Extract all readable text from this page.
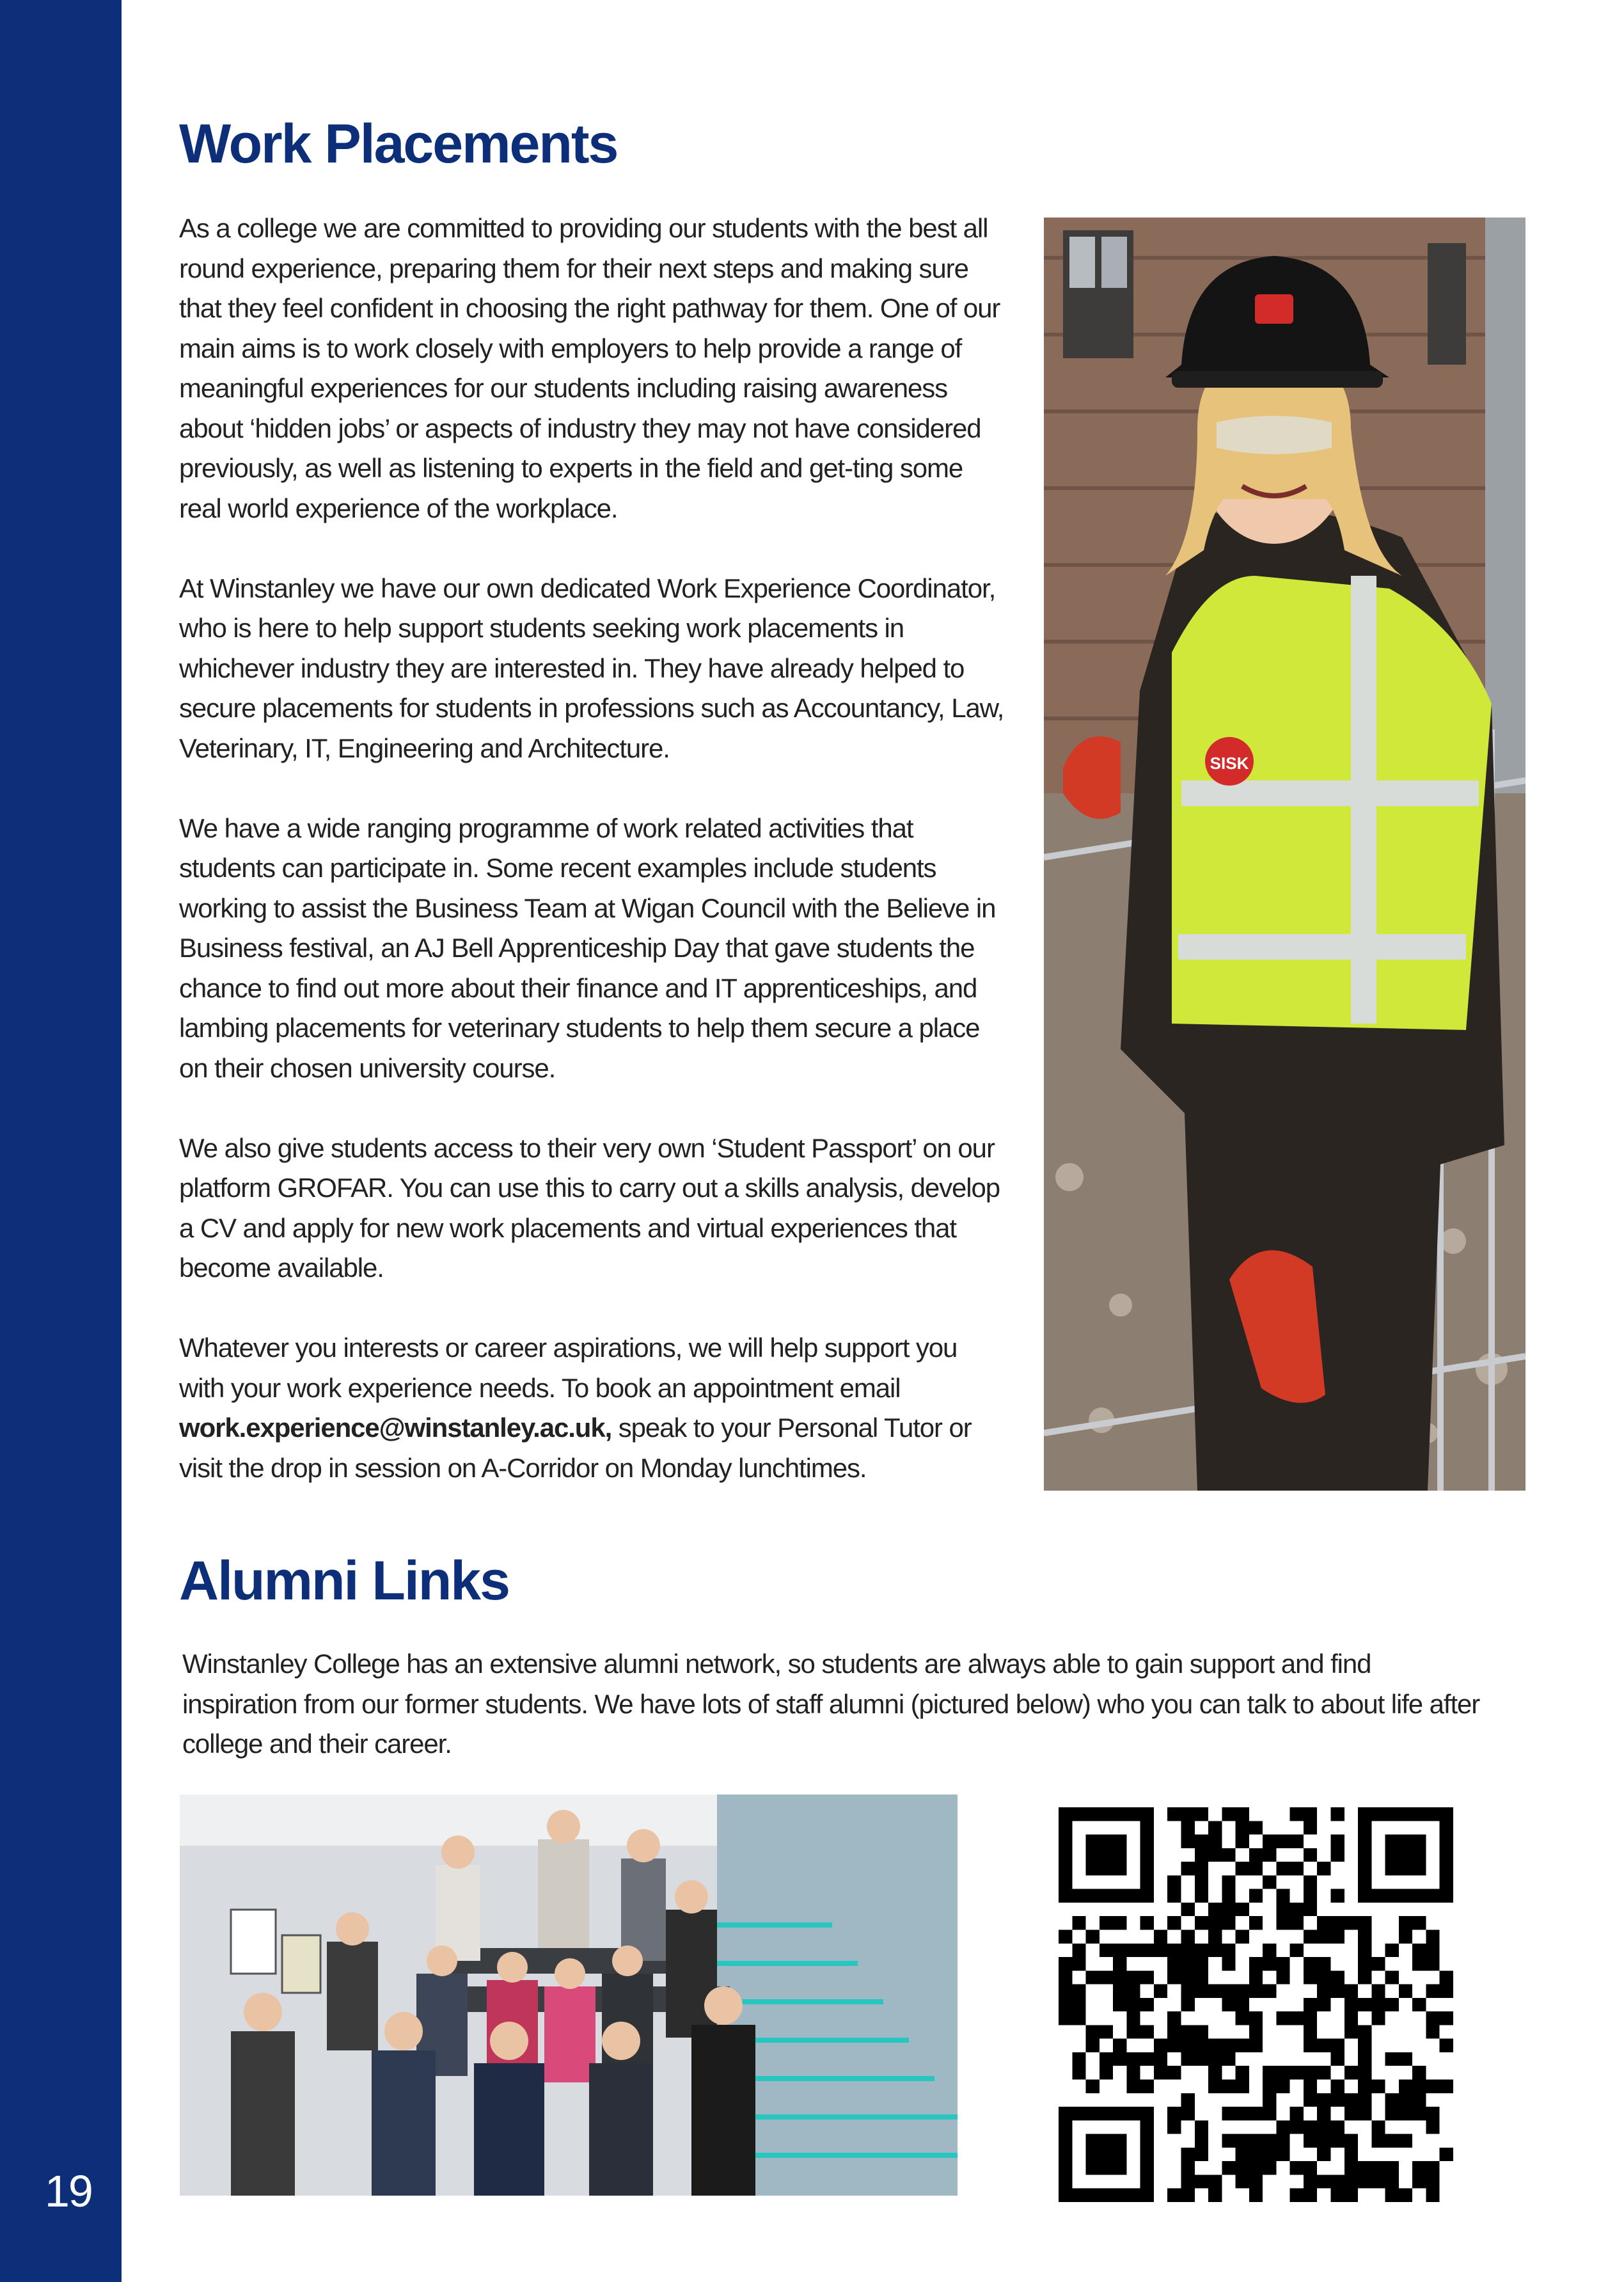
19
Work Placements

As a college we are committed to providing our students with the best all round experience, preparing them for their next steps and making sure that they feel confident in choosing the right pathway for them. One of our main aims is to work closely with employers to help provide a range of meaningful experiences for our students including raising awareness about ‘hidden jobs’ or aspects of industry they may not have considered previously, as well as listening to experts in the field and get-ting some real world experience of the workplace.

At Winstanley we have our own dedicated Work Experience Coordinator, who is here to help support students seeking work placements in whichever industry they are interested in. They have already helped to secure placements for students in professions such as Accountancy, Law, Veterinary, IT, Engineering and Architecture.

We have a wide ranging programme of work related activities that students can participate in. Some recent examples include students working to assist the Business Team at Wigan Council with the Believe in Business festival, an AJ Bell Apprenticeship Day that gave students the chance to find out more about their finance and IT apprenticeships, and lambing placements for veterinary students to help them secure a place on their chosen university course.

We also give students access to their very own ‘Student Passport’ on our platform GROFAR. You can use this to carry out a skills analysis, develop a CV and apply for new work placements and virtual experiences that become available.

Whatever you interests or career aspirations, we will help support you with your work experience needs. To book an appointment email work.experience@winstanley.ac.uk, speak to your Personal Tutor or visit the drop in session on A-Corridor on Monday lunchtimes.

SISK
Alumni Links

Winstanley College has an extensive alumni network, so students are always able to gain support and find inspiration from our former students. We have lots of staff alumni (pictured below) who you can talk to about life after college and their career.
